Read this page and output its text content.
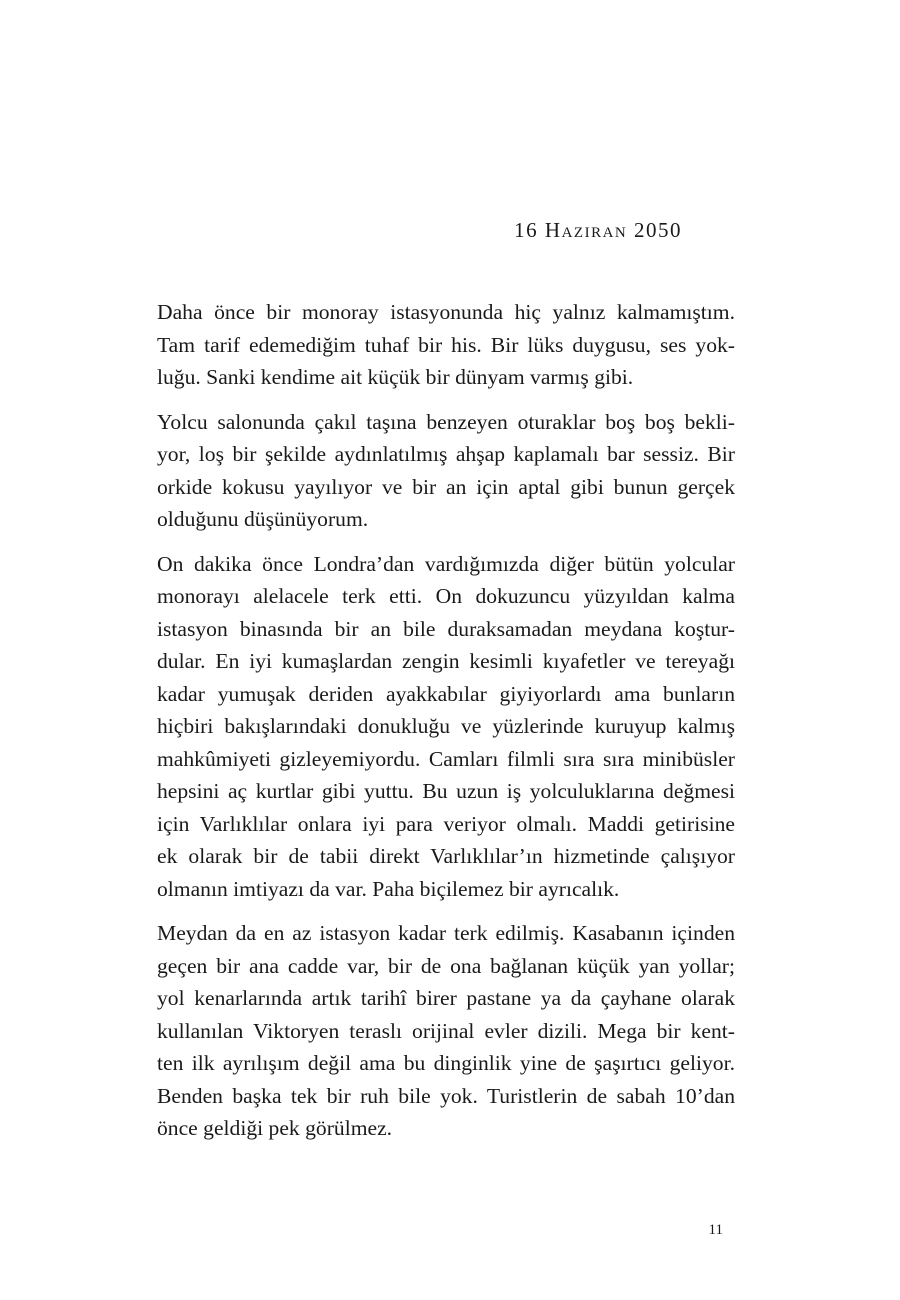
16 Haziran 2050

Daha önce bir monoray istasyonunda hiç yalnız kalmamıştım.
Tam tarif edemediğim tuhaf bir his. Bir lüks duygusu, ses yok-
luğu. Sanki kendime ait küçük bir dünyam varmış gibi.

Yolcu salonunda çakıl taşına benzeyen oturaklar boş boş bekli-
yor, loş bir şekilde aydınlatılmış ahşap kaplamalı bar sessiz. Bir
orkide kokusu yayılıyor ve bir an için aptal gibi bunun gerçek
olduğunu düşünüyorum.

On dakika önce Londra’dan vardığımızda diğer bütün yolcular
monorayı alelacele terk etti. On dokuzuncu yüzyıldan kalma
istasyon binasında bir an bile duraksamadan meydana koştur-
dular. En iyi kumaşlardan zengin kesimli kıyafetler ve tereyağı
kadar yumuşak deriden ayakkabılar giyiyorlardı ama bunların
hiçbiri bakışlarındaki donukluğu ve yüzlerinde kuruyup kalmış
mahkûmiyeti gizleyemiyordu. Camları filmli sıra sıra minibüsler
hepsini aç kurtlar gibi yuttu. Bu uzun iş yolculuklarına değmesi
için Varlıklılar onlara iyi para veriyor olmalı. Maddi getirisine
ek olarak bir de tabii direkt Varlıklılar’ın hizmetinde çalışıyor
olmanın imtiyazı da var. Paha biçilemez bir ayrıcalık.

Meydan da en az istasyon kadar terk edilmiş. Kasabanın içinden
geçen bir ana cadde var, bir de ona bağlanan küçük yan yollar;
yol kenarlarında artık tarihî birer pastane ya da çayhane olarak
kullanılan Viktoryen teraslı orijinal evler dizili. Mega bir kent-
ten ilk ayrılışım değil ama bu dinginlik yine de şaşırtıcı geliyor.
Benden başka tek bir ruh bile yok. Turistlerin de sabah 10’dan
önce geldiği pek görülmez.

11
